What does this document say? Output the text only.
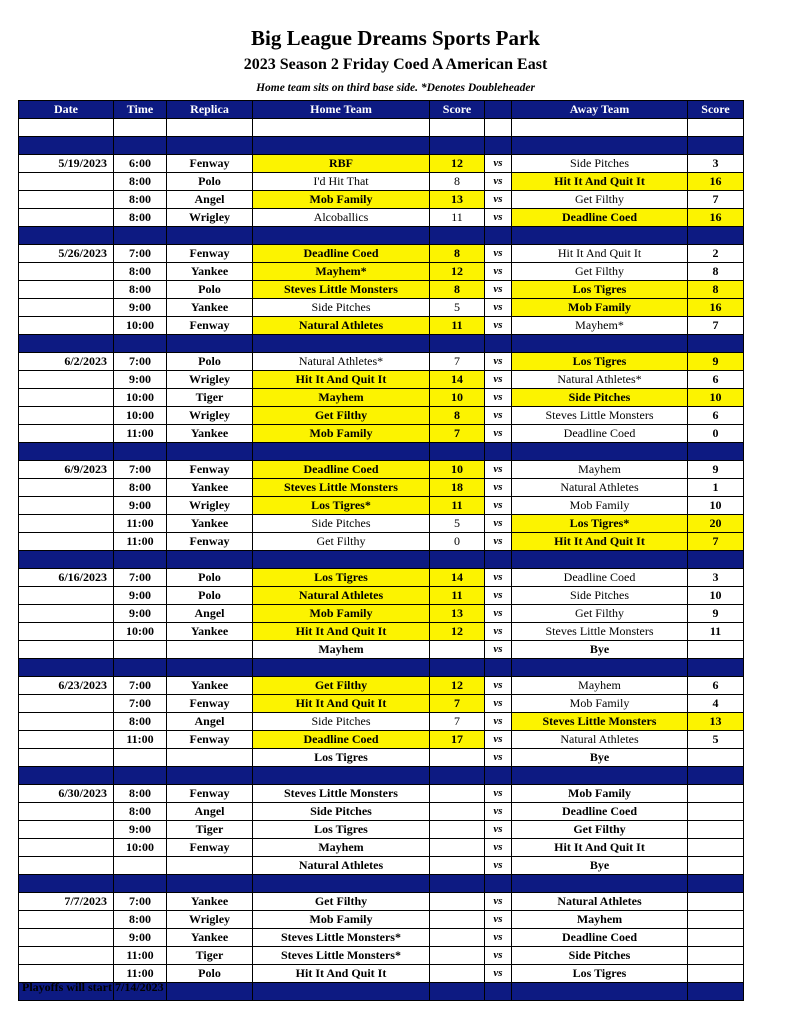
Big League Dreams Sports Park
2023 Season 2 Friday Coed A American East
Home team sits on third base side. *Denotes Doubleheader
Date	Time	Replica	Home Team	Score		Away Team	Score

5/19/2023	6:00	Fenway	RBF	12	vs	Side Pitches	3
	8:00	Polo	I'd Hit That	8	vs	Hit It And Quit It	16
	8:00	Angel	Mob Family	13	vs	Get Filthy	7
	8:00	Wrigley	Alcoballics	11	vs	Deadline Coed	16

5/26/2023	7:00	Fenway	Deadline Coed	8	vs	Hit It And Quit It	2
	8:00	Yankee	Mayhem*	12	vs	Get Filthy	8
	8:00	Polo	Steves Little Monsters	8	vs	Los Tigres	8
	9:00	Yankee	Side Pitches	5	vs	Mob Family	16
	10:00	Fenway	Natural Athletes	11	vs	Mayhem*	7

6/2/2023	7:00	Polo	Natural Athletes*	7	vs	Los Tigres	9
	9:00	Wrigley	Hit It And Quit It	14	vs	Natural Athletes*	6
	10:00	Tiger	Mayhem	10	vs	Side Pitches	10
	10:00	Wrigley	Get Filthy	8	vs	Steves Little Monsters	6
	11:00	Yankee	Mob Family	7	vs	Deadline Coed	0

6/9/2023	7:00	Fenway	Deadline Coed	10	vs	Mayhem	9
	8:00	Yankee	Steves Little Monsters	18	vs	Natural Athletes	1
	9:00	Wrigley	Los Tigres*	11	vs	Mob Family	10
	11:00	Yankee	Side Pitches	5	vs	Los Tigres*	20
	11:00	Fenway	Get Filthy	0	vs	Hit It And Quit It	7

6/16/2023	7:00	Polo	Los Tigres	14	vs	Deadline Coed	3
	9:00	Polo	Natural Athletes	11	vs	Side Pitches	10
	9:00	Angel	Mob Family	13	vs	Get Filthy	9
	10:00	Yankee	Hit It And Quit It	12	vs	Steves Little Monsters	11
			Mayhem		vs	Bye	

6/23/2023	7:00	Yankee	Get Filthy	12	vs	Mayhem	6
	7:00	Fenway	Hit It And Quit It	7	vs	Mob Family	4
	8:00	Angel	Side Pitches	7	vs	Steves Little Monsters	13
	11:00	Fenway	Deadline Coed	17	vs	Natural Athletes	5
			Los Tigres		vs	Bye	

6/30/2023	8:00	Fenway	Steves Little Monsters		vs	Mob Family	
	8:00	Angel	Side Pitches		vs	Deadline Coed	
	9:00	Tiger	Los Tigres		vs	Get Filthy	
	10:00	Fenway	Mayhem		vs	Hit It And Quit It	
			Natural Athletes		vs	Bye	

7/7/2023	7:00	Yankee	Get Filthy		vs	Natural Athletes	
	8:00	Wrigley	Mob Family		vs	Mayhem	
	9:00	Yankee	Steves Little Monsters*		vs	Deadline Coed	
	11:00	Tiger	Steves Little Monsters*		vs	Side Pitches	
	11:00	Polo	Hit It And Quit It		vs	Los Tigres	

Playoffs will start 7/14/2023
